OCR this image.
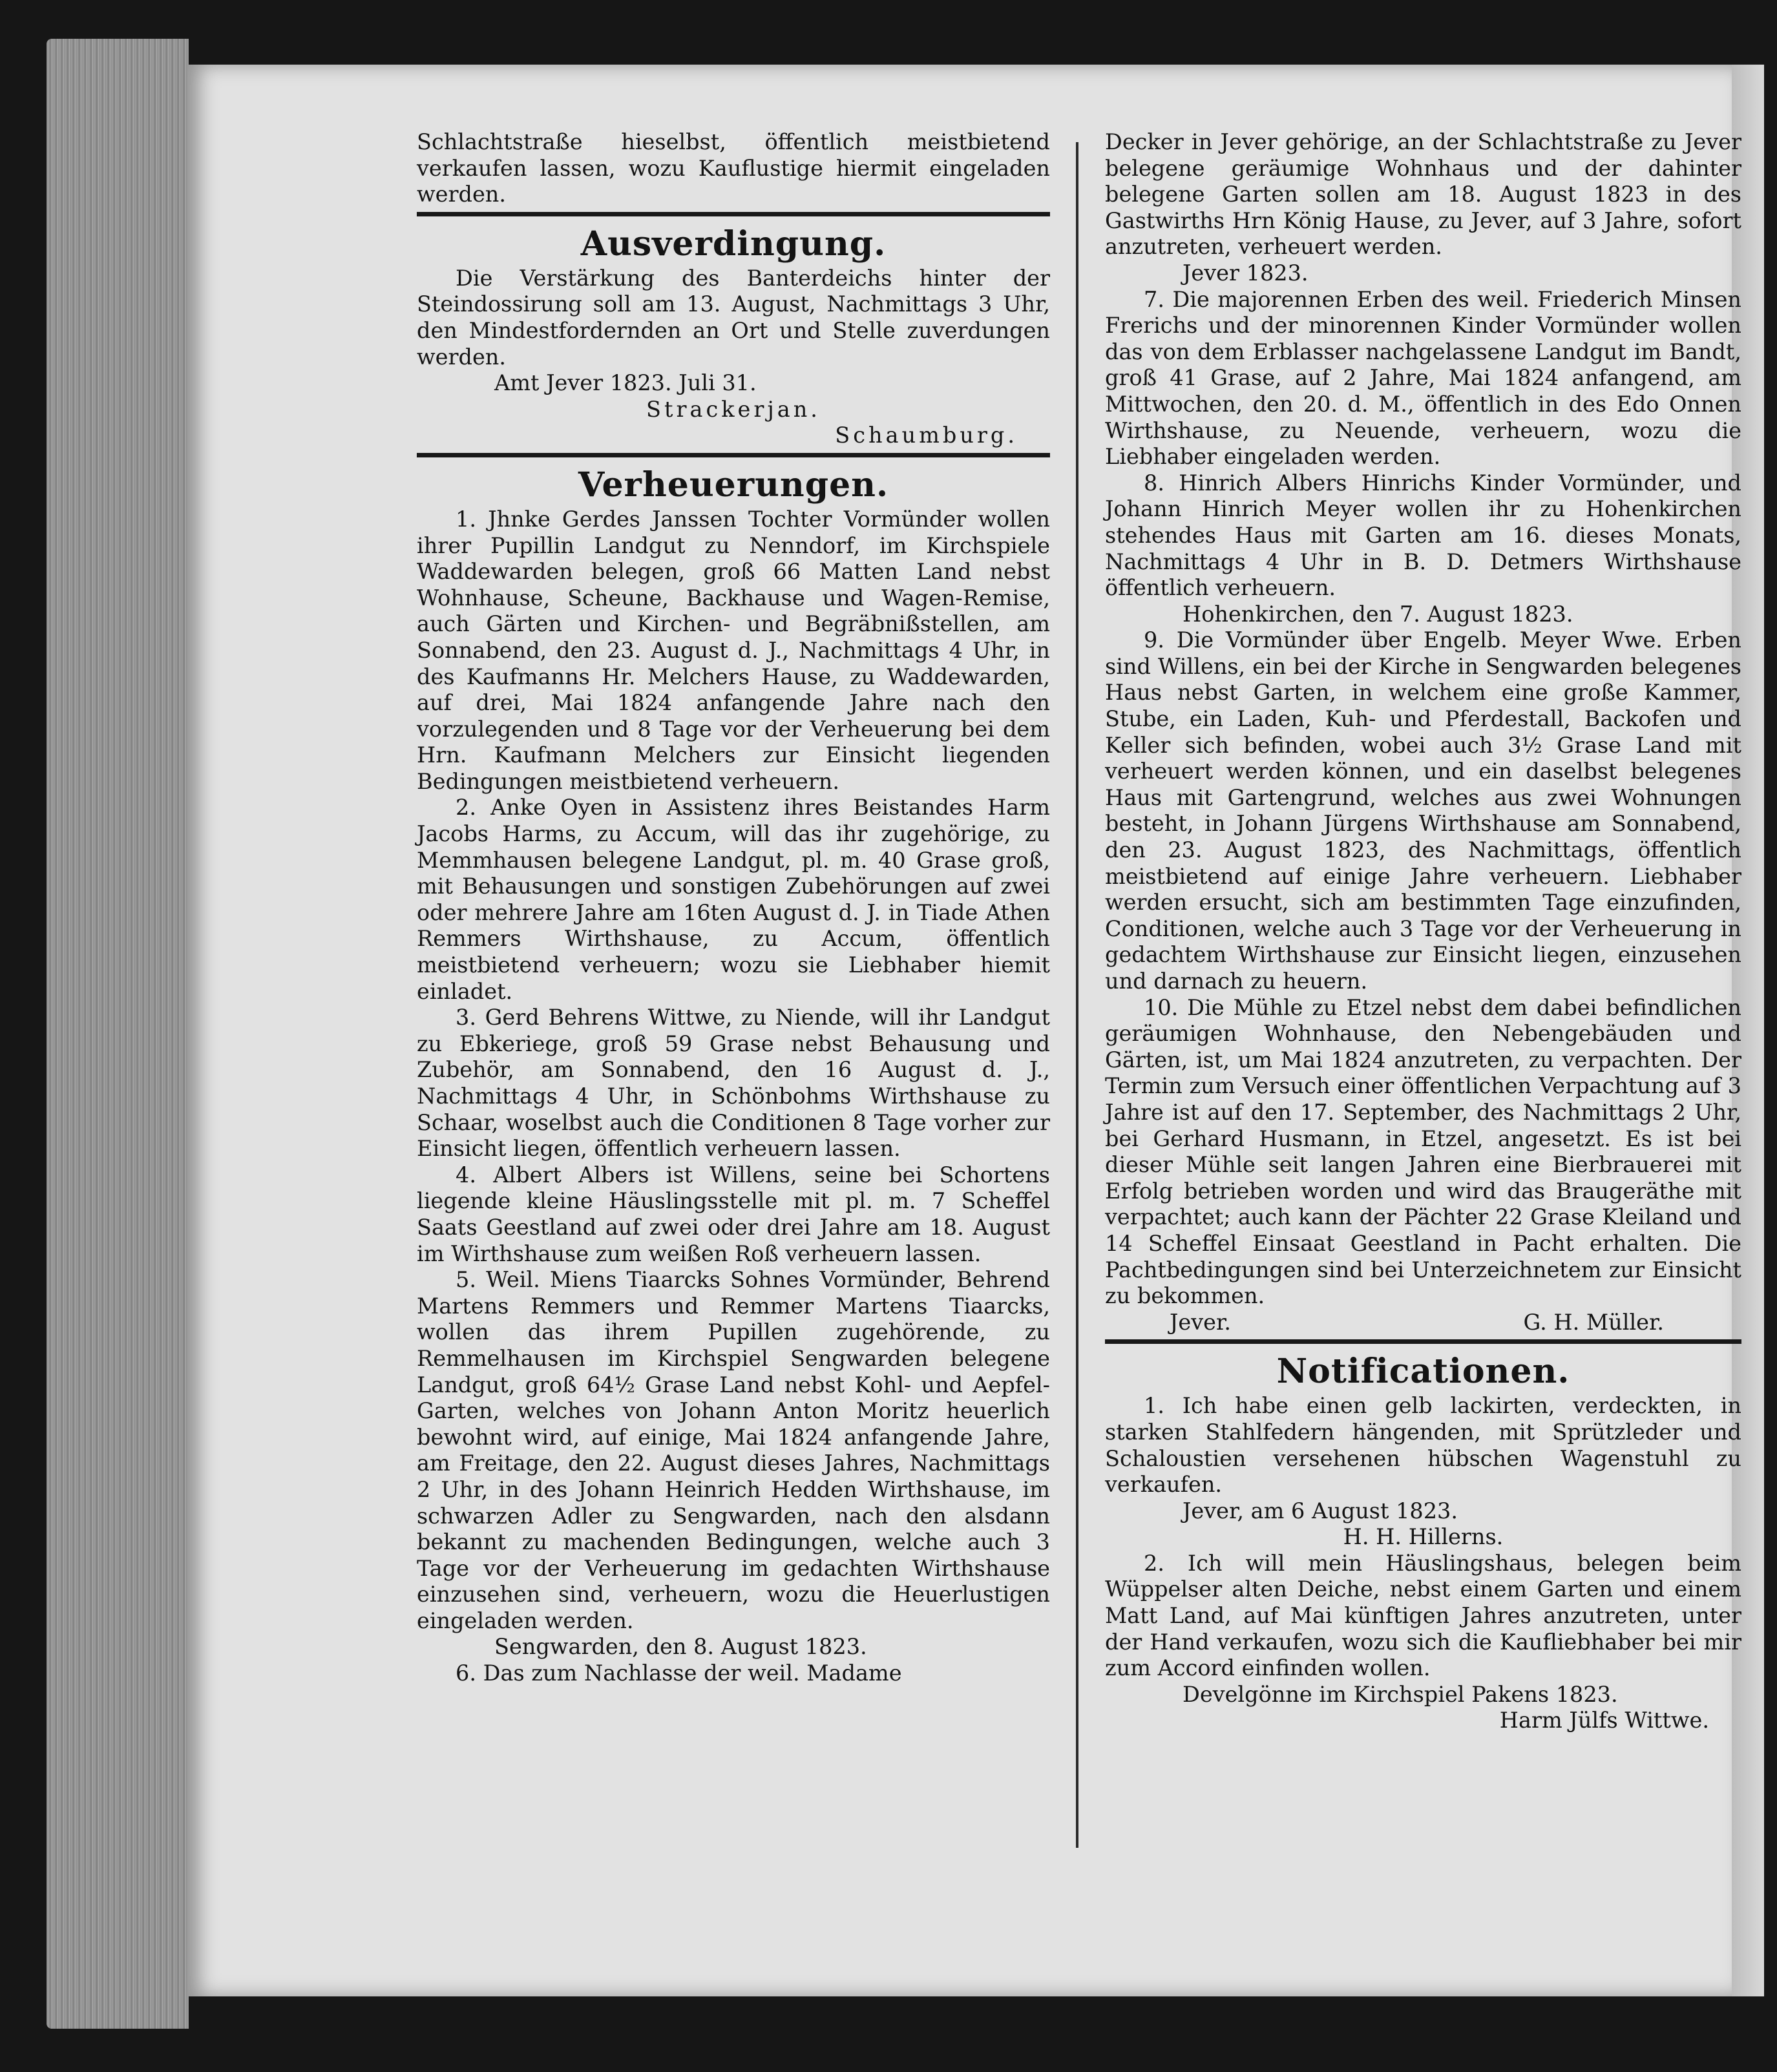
Schlachtstraße hieselbst, öffentlich meistbietend verkaufen lassen, wozu Kauflustige hiermit eingeladen werden.

Ausverdingung.

Die Verstärkung des Banterdeichs hinter der Steindossirung soll am 13. August, Nachmittags 3 Uhr, den Mindestfordernden an Ort und Stelle zuverdungen werden.

Amt Jever 1823. Juli 31.

Strackerjan.

Schaumburg.

Verheuerungen.

1. Jhnke Gerdes Janssen Tochter Vormünder wollen ihrer Pupillin Landgut zu Nenndorf, im Kirchspiele Waddewarden belegen, groß 66 Matten Land nebst Wohnhause, Scheune, Backhause und Wagen-Remise, auch Gärten und Kirchen- und Begräbnißstellen, am Sonnabend, den 23. August d. J., Nachmittags 4 Uhr, in des Kaufmanns Hr. Melchers Hause, zu Waddewarden, auf drei, Mai 1824 anfangende Jahre nach den vorzulegenden und 8 Tage vor der Verheuerung bei dem Hrn. Kaufmann Melchers zur Einsicht liegenden Bedingungen meistbietend verheuern.

2. Anke Oyen in Assistenz ihres Beistandes Harm Jacobs Harms, zu Accum, will das ihr zugehörige, zu Memmhausen belegene Landgut, pl. m. 40 Grase groß, mit Behausungen und sonstigen Zubehörungen auf zwei oder mehrere Jahre am 16ten August d. J. in Tiade Athen Remmers Wirthshause, zu Accum, öffentlich meistbietend verheuern; wozu sie Liebhaber hiemit einladet.

3. Gerd Behrens Wittwe, zu Niende, will ihr Landgut zu Ebkeriege, groß 59 Grase nebst Behausung und Zubehör, am Sonnabend, den 16 August d. J., Nachmittags 4 Uhr, in Schönbohms Wirthshause zu Schaar, woselbst auch die Conditionen 8 Tage vorher zur Einsicht liegen, öffentlich verheuern lassen.

4. Albert Albers ist Willens, seine bei Schortens liegende kleine Häuslingsstelle mit pl. m. 7 Scheffel Saats Geestland auf zwei oder drei Jahre am 18. August im Wirthshause zum weißen Roß verheuern lassen.

5. Weil. Miens Tiaarcks Sohnes Vormünder, Behrend Martens Remmers und Remmer Martens Tiaarcks, wollen das ihrem Pupillen zugehörende, zu Remmelhausen im Kirchspiel Sengwarden belegene Landgut, groß 64½ Grase Land nebst Kohl- und Aepfel-Garten, welches von Johann Anton Moritz heuerlich bewohnt wird, auf einige, Mai 1824 anfangende Jahre, am Freitage, den 22. August dieses Jahres, Nachmittags 2 Uhr, in des Johann Heinrich Hedden Wirthshause, im schwarzen Adler zu Sengwarden, nach den alsdann bekannt zu machenden Bedingungen, welche auch 3 Tage vor der Verheuerung im gedachten Wirthshause einzusehen sind, verheuern, wozu die Heuerlustigen eingeladen werden.

Sengwarden, den 8. August 1823.

6. Das zum Nachlasse der weil. Madame

Decker in Jever gehörige, an der Schlachtstraße zu Jever belegene geräumige Wohnhaus und der dahinter belegene Garten sollen am 18. August 1823 in des Gastwirths Hrn König Hause, zu Jever, auf 3 Jahre, sofort anzutreten, verheuert werden.

Jever 1823.

7. Die majorennen Erben des weil. Friederich Minsen Frerichs und der minorennen Kinder Vormünder wollen das von dem Erblasser nachgelassene Landgut im Bandt, groß 41 Grase, auf 2 Jahre, Mai 1824 anfangend, am Mittwochen, den 20. d. M., öffentlich in des Edo Onnen Wirthshause, zu Neuende, verheuern, wozu die Liebhaber eingeladen werden.

8. Hinrich Albers Hinrichs Kinder Vormünder, und Johann Hinrich Meyer wollen ihr zu Hohenkirchen stehendes Haus mit Garten am 16. dieses Monats, Nachmittags 4 Uhr in B. D. Detmers Wirthshause öffentlich verheuern.

Hohenkirchen, den 7. August 1823.

9. Die Vormünder über Engelb. Meyer Wwe. Erben sind Willens, ein bei der Kirche in Sengwarden belegenes Haus nebst Garten, in welchem eine große Kammer, Stube, ein Laden, Kuh- und Pferdestall, Backofen und Keller sich befinden, wobei auch 3½ Grase Land mit verheuert werden können, und ein daselbst belegenes Haus mit Gartengrund, welches aus zwei Wohnungen besteht, in Johann Jürgens Wirthshause am Sonnabend, den 23. August 1823, des Nachmittags, öffentlich meistbietend auf einige Jahre verheuern. Liebhaber werden ersucht, sich am bestimmten Tage einzufinden, Conditionen, welche auch 3 Tage vor der Verheuerung in gedachtem Wirthshause zur Einsicht liegen, einzusehen und darnach zu heuern.

10. Die Mühle zu Etzel nebst dem dabei befindlichen geräumigen Wohnhause, den Nebengebäuden und Gärten, ist, um Mai 1824 anzutreten, zu verpachten. Der Termin zum Versuch einer öffentlichen Verpachtung auf 3 Jahre ist auf den 17. September, des Nachmittags 2 Uhr, bei Gerhard Husmann, in Etzel, angesetzt. Es ist bei dieser Mühle seit langen Jahren eine Bierbrauerei mit Erfolg betrieben worden und wird das Braugeräthe mit verpachtet; auch kann der Pächter 22 Grase Kleiland und 14 Scheffel Einsaat Geestland in Pacht erhalten. Die Pachtbedingungen sind bei Unterzeichnetem zur Einsicht zu bekommen.

Jever.	G. H. Müller.

Notificationen.

1. Ich habe einen gelb lackirten, verdeckten, in starken Stahlfedern hängenden, mit Sprützleder und Schaloustien versehenen hübschen Wagenstuhl zu verkaufen.

Jever, am 6 August 1823.

H. H. Hillerns.

2. Ich will mein Häuslingshaus, belegen beim Wüppelser alten Deiche, nebst einem Garten und einem Matt Land, auf Mai künftigen Jahres anzutreten, unter der Hand verkaufen, wozu sich die Kaufliebhaber bei mir zum Accord einfinden wollen.

Develgönne im Kirchspiel Pakens 1823.

Harm Jülfs Wittwe.
